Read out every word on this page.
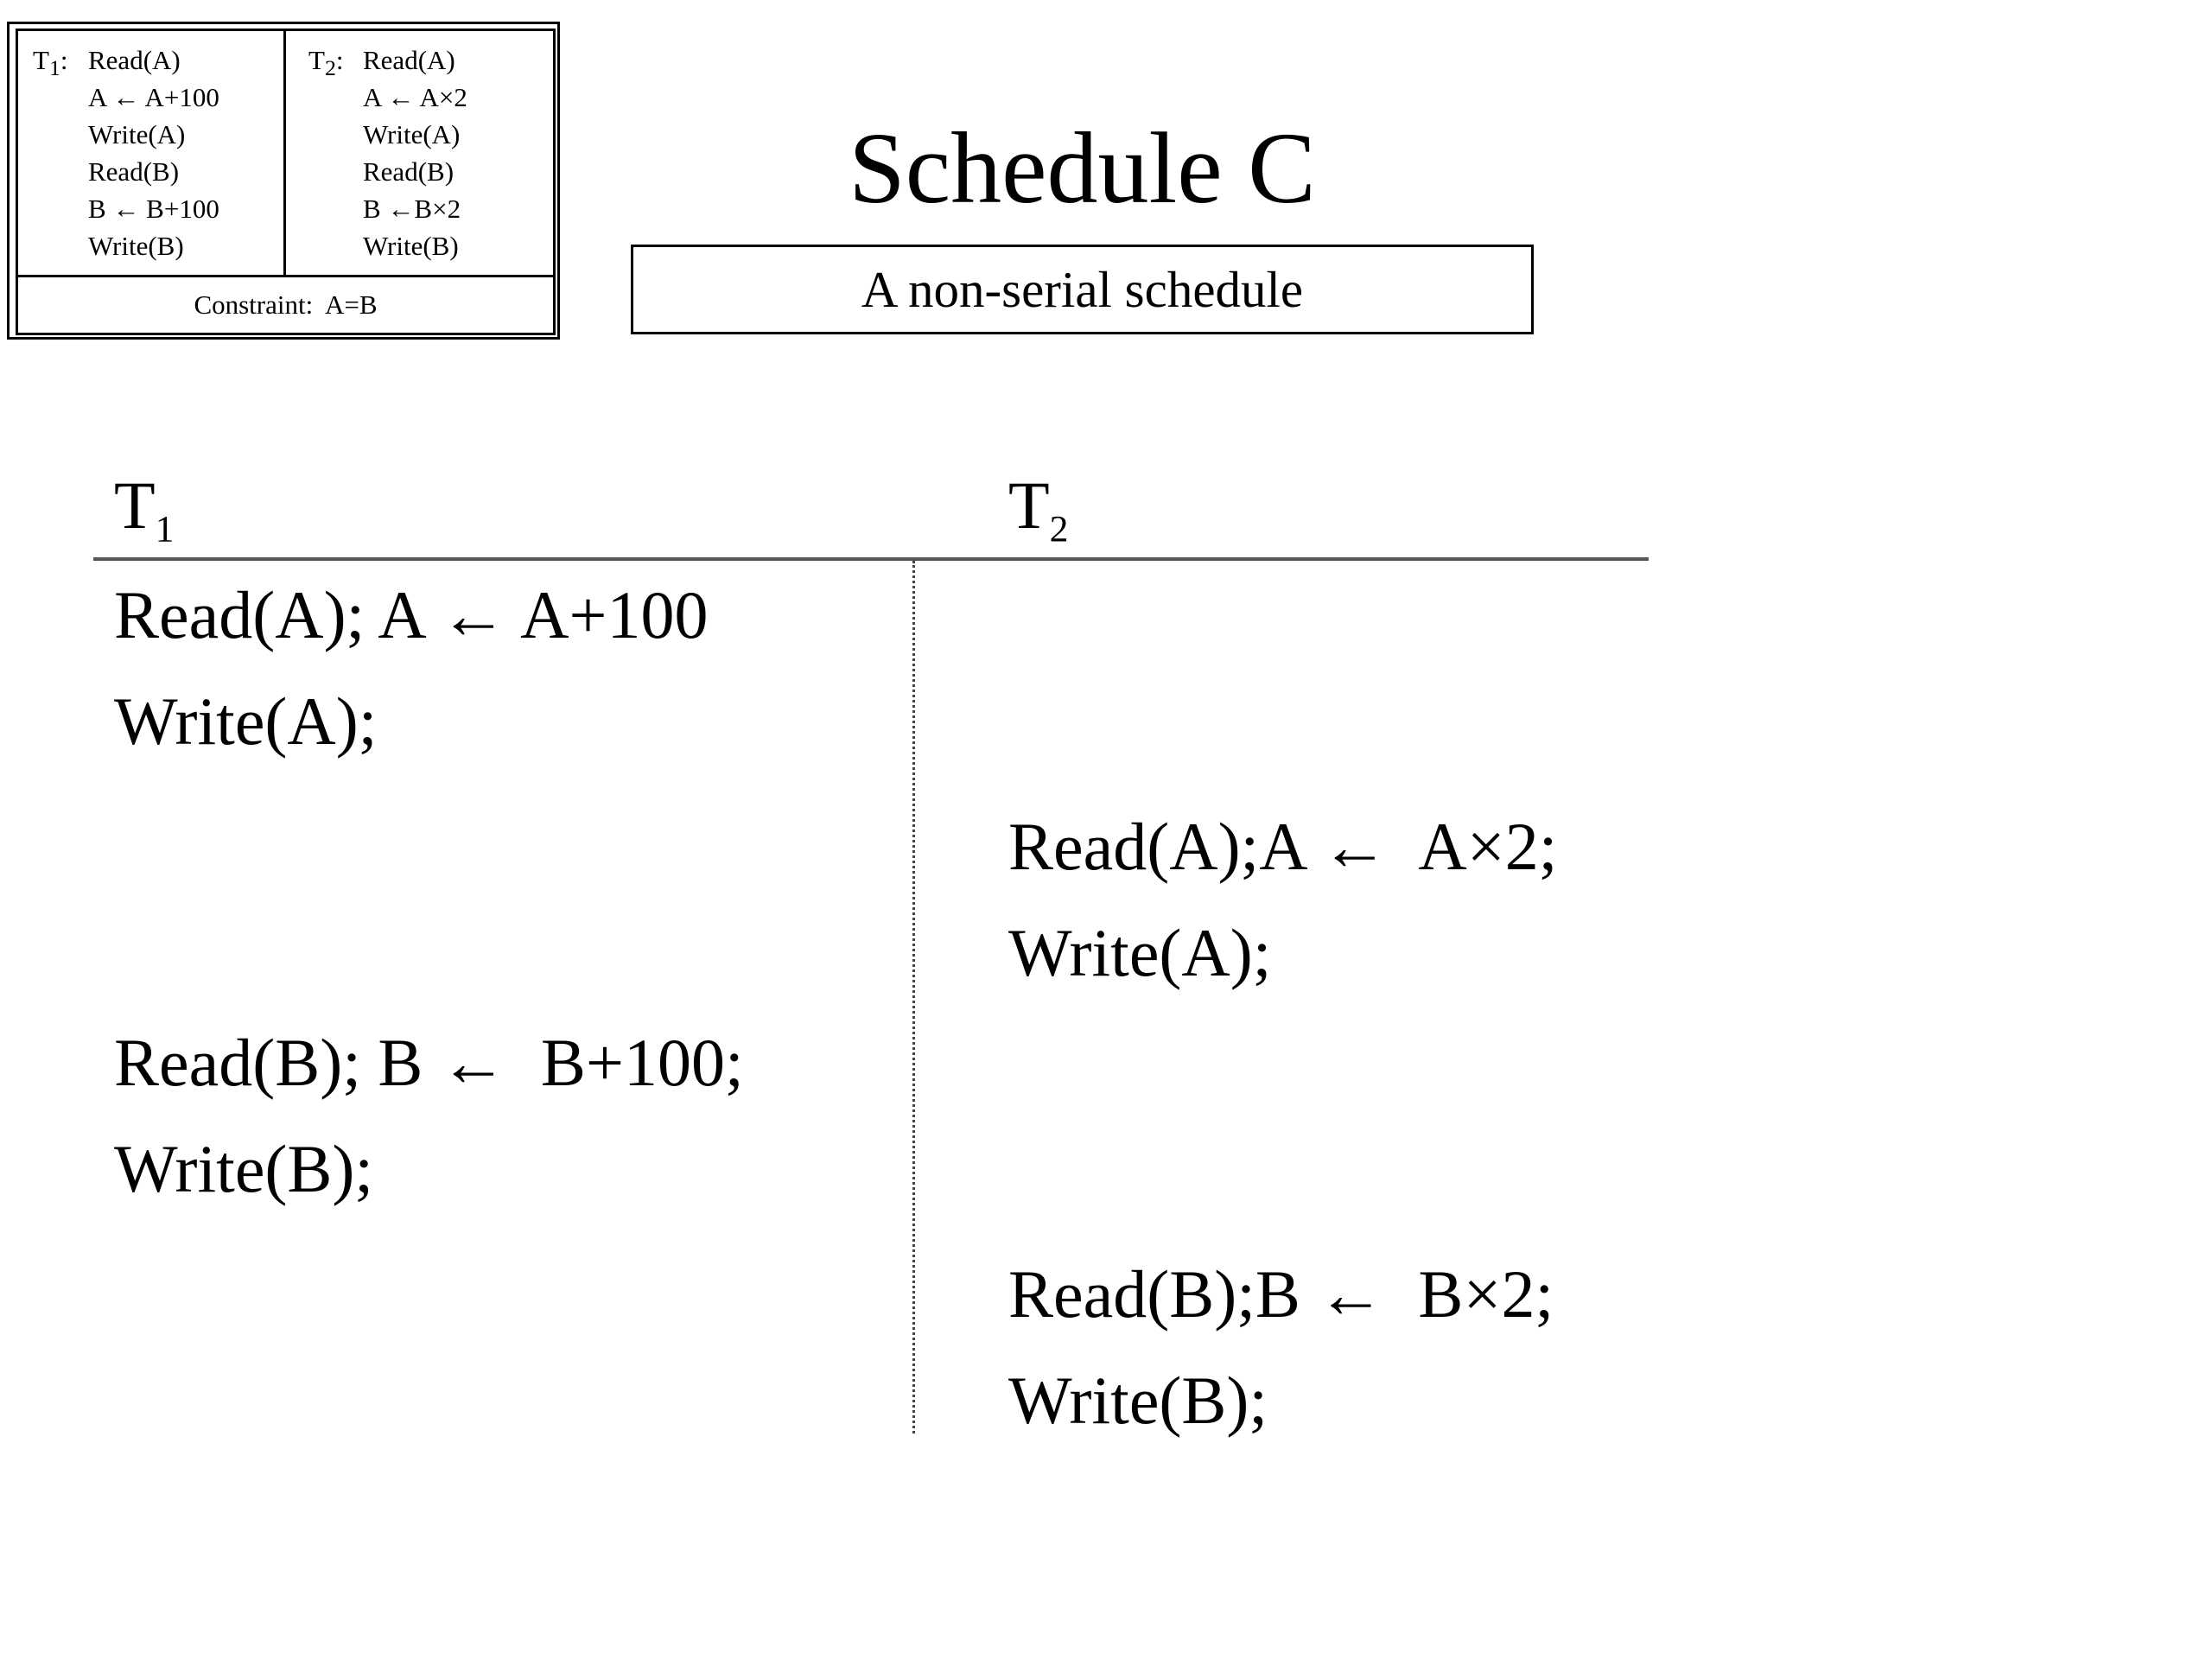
$T_1$: Read(A)
A ← A+100
Write(A)
Read(B)
B ← B+100
Write(B)
$T_2$: Read(A)
A ← A×2
Write(A)
Read(B)
B ←B×2
Write(B)
Constraint:  A=B
Schedule C
A non-serial schedule
$T_1$	$T_2$
Read(A); A ← A+100
Write(A);
Read(B); B ←  B+100;
Write(B);
Read(A);A ←  A×2;
Write(A);
Read(B);B ←  B×2;
Write(B);
